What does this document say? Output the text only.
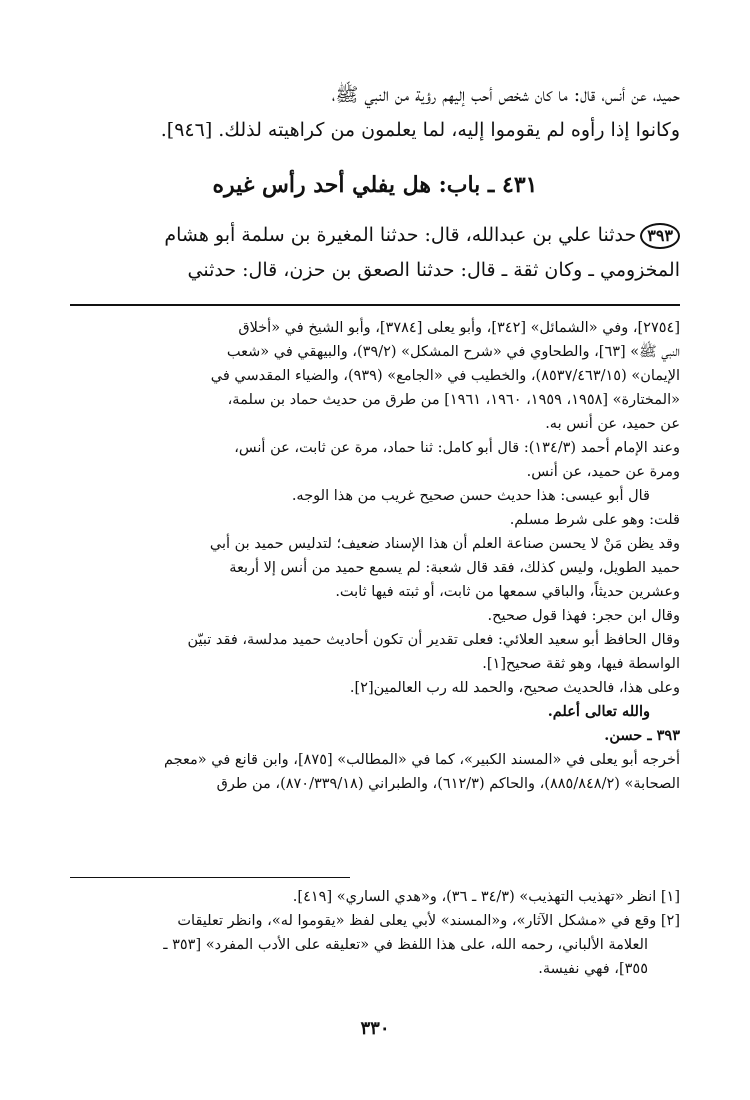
حميد، عن أنس، قال: ما كان شخص أحب إليهم رؤية من النبي ﷺ،
وكانوا إذا رأوه لم يقوموا إليه، لما يعلمون من كراهيته لذلك. [٩٤٦].
٤٣١ ـ باب: هل يفلي أحد رأس غيره
٣٩٣حدثنا علي بن عبدالله، قال: حدثنا المغيرة بن سلمة أبو هشام
المخزومي ـ وكان ثقة ـ قال: حدثنا الصعق بن حزن، قال: حدثني
[٢٧٥٤]، وفي «الشمائل» [٣٤٢]، وأبو يعلى [٣٧٨٤]، وأبو الشيخ في «أخلاق
النبي ﷺ» [٦٣]، والطحاوي في «شرح المشكل» (٣٩/٢)، والبيهقي في «شعب
الإيمان» (٨٥٣٧/٤٦٣/١٥)، والخطيب في «الجامع» (٩٣٩)، والضياء المقدسي في
«المختارة» [١٩٥٨، ١٩٥٩، ١٩٦٠، ١٩٦١] من طرق من حديث حماد بن سلمة،
عن حميد، عن أنس به.
وعند الإمام أحمد (١٣٤/٣): قال أبو كامل: ثنا حماد، مرة عن ثابت، عن أنس،
ومرة عن حميد، عن أنس.
قال أبو عيسى: هذا حديث حسن صحيح غريب من هذا الوجه.
قلت: وهو على شرط مسلم.
وقد يظن مَنْ لا يحسن صناعة العلم أن هذا الإسناد ضعيف؛ لتدليس حميد بن أبي
حميد الطويل، وليس كذلك، فقد قال شعبة: لم يسمع حميد من أنس إلا أربعة
وعشرين حديثاً، والباقي سمعها من ثابت، أو ثبته فيها ثابت.
وقال ابن حجر: فهذا قول صحيح.
وقال الحافظ أبو سعيد العلائي: فعلى تقدير أن تكون أحاديث حميد مدلسة، فقد تبيّن
الواسطة فيها، وهو ثقة صحيح[١].
وعلى هذا، فالحديث صحيح، والحمد لله رب العالمين[٢].
والله تعالى أعلم.
٣٩٣ ـ حسن.
أخرجه أبو يعلى في «المسند الكبير»، كما في «المطالب» [٨٧٥]، وابن قانع في «معجم
الصحابة» (٨٨٥/٨٤٨/٢)، والحاكم (٦١٢/٣)، والطبراني (٨٧٠/٣٣٩/١٨)، من طرق
[١] انظر «تهذيب التهذيب» (٣٤/٣ ـ ٣٦)، و«هدي الساري» [٤١٩].
[٢] وقع في «مشكل الآثار»، و«المسند» لأبي يعلى لفظ «يقوموا له»، وانظر تعليقات
العلامة الألباني، رحمه الله، على هذا اللفظ في «تعليقه على الأدب المفرد» [٣٥٣ ـ
٣٥٥]، فهي نفيسة.
٣٣٠
